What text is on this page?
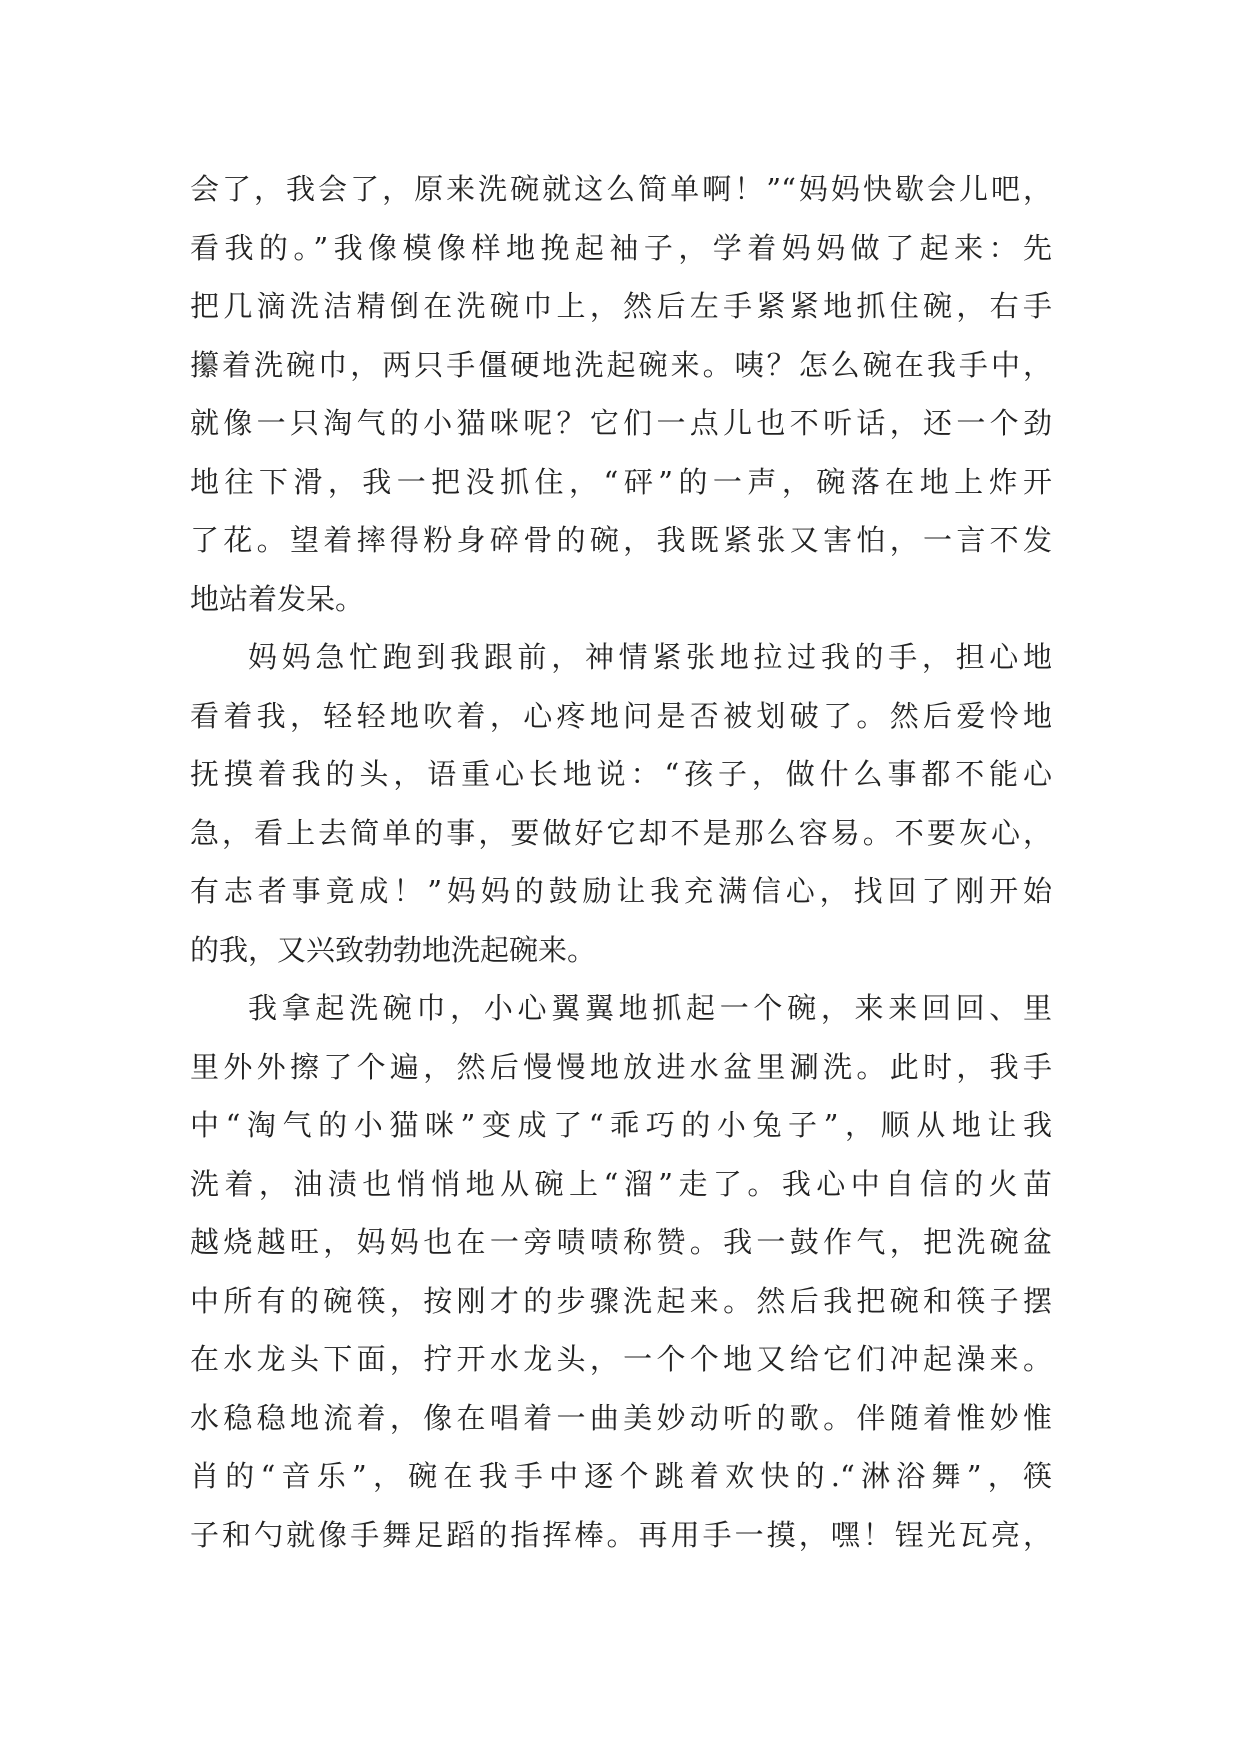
会了，我会了，原来洗碗就这么简单啊！”“妈妈快歇会儿吧，
看我的。”我像模像样地挽起袖子，学着妈妈做了起来：先
把几滴洗洁精倒在洗碗巾上，然后左手紧紧地抓住碗，右手
攥着洗碗巾，两只手僵硬地洗起碗来。咦？怎么碗在我手中，
就像一只淘气的小猫咪呢？它们一点儿也不听话，还一个劲
地往下滑，我一把没抓住，“砰”的一声，碗落在地上炸开
了花。望着摔得粉身碎骨的碗，我既紧张又害怕，一言不发
地站着发呆。
妈妈急忙跑到我跟前，神情紧张地拉过我的手，担心地
看着我，轻轻地吹着，心疼地问是否被划破了。然后爱怜地
抚摸着我的头，语重心长地说：“孩子，做什么事都不能心
急，看上去简单的事，要做好它却不是那么容易。不要灰心，
有志者事竟成！”妈妈的鼓励让我充满信心，找回了刚开始
的我，又兴致勃勃地洗起碗来。
我拿起洗碗巾，小心翼翼地抓起一个碗，来来回回、里
里外外擦了个遍，然后慢慢地放进水盆里涮洗。此时，我手
中“淘气的小猫咪”变成了“乖巧的小兔子”，顺从地让我
洗着，油渍也悄悄地从碗上“溜”走了。我心中自信的火苗
越烧越旺，妈妈也在一旁啧啧称赞。我一鼓作气，把洗碗盆
中所有的碗筷，按刚才的步骤洗起来。然后我把碗和筷子摆
在水龙头下面，拧开水龙头，一个个地又给它们冲起澡来。
水稳稳地流着，像在唱着一曲美妙动听的歌。伴随着惟妙惟
肖的“音乐”，碗在我手中逐个跳着欢快的.“淋浴舞”，筷
子和勺就像手舞足蹈的指挥棒。再用手一摸，嘿！锃光瓦亮，
